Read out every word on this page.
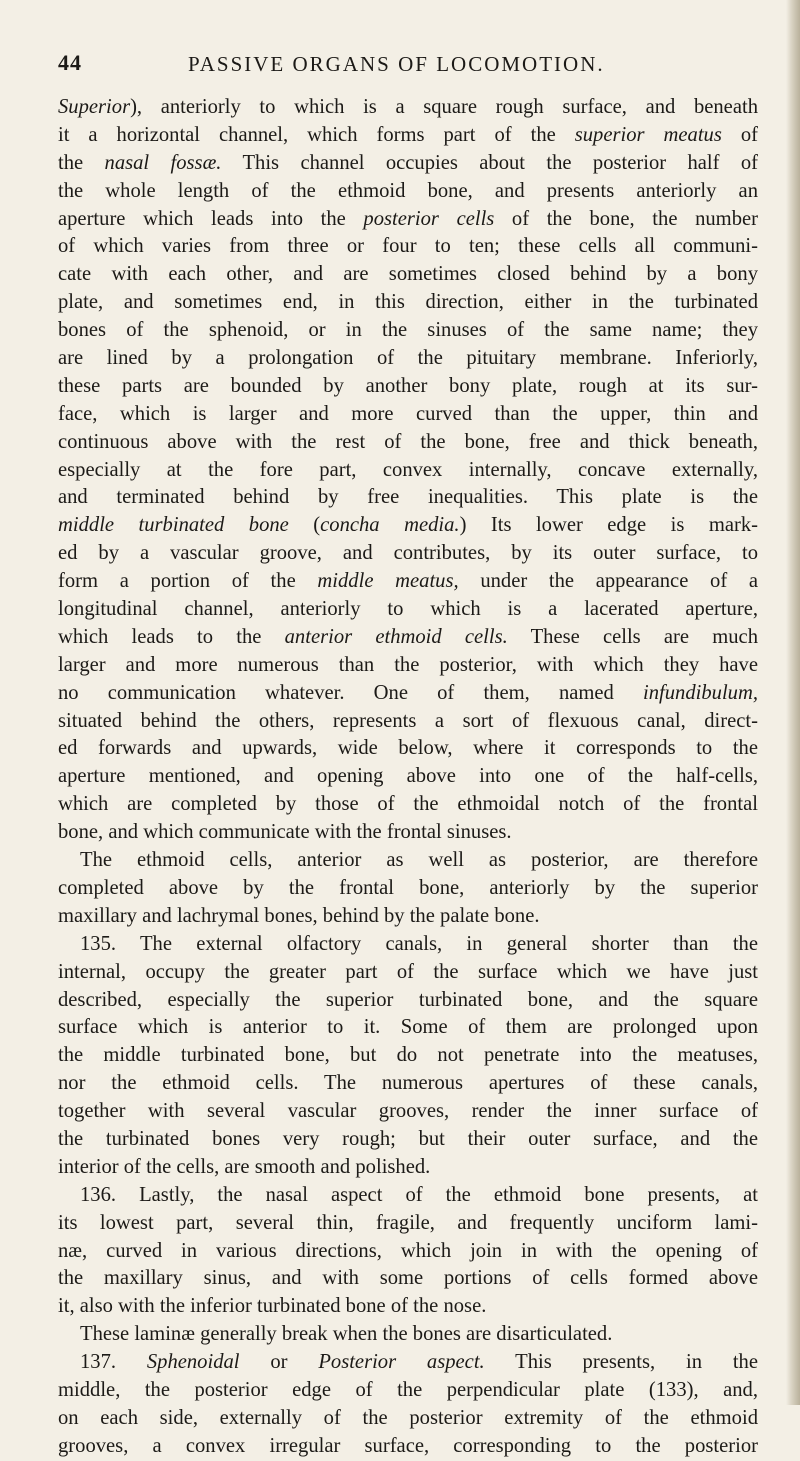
44	PASSIVE ORGANS OF LOCOMOTION.
Superior), anteriorly to which is a square rough surface, and beneath
it a horizontal channel, which forms part of the superior meatus of
the nasal fossæ. This channel occupies about the posterior half of
the whole length of the ethmoid bone, and presents anteriorly an
aperture which leads into the posterior cells of the bone, the number
of which varies from three or four to ten; these cells all communi-
cate with each other, and are sometimes closed behind by a bony
plate, and sometimes end, in this direction, either in the turbinated
bones of the sphenoid, or in the sinuses of the same name; they
are lined by a prolongation of the pituitary membrane. Inferiorly,
these parts are bounded by another bony plate, rough at its sur-
face, which is larger and more curved than the upper, thin and
continuous above with the rest of the bone, free and thick beneath,
especially at the fore part, convex internally, concave externally,
and terminated behind by free inequalities. This plate is the
middle turbinated bone (concha media.) Its lower edge is mark-
ed by a vascular groove, and contributes, by its outer surface, to
form a portion of the middle meatus, under the appearance of a
longitudinal channel, anteriorly to which is a lacerated aperture,
which leads to the anterior ethmoid cells. These cells are much
larger and more numerous than the posterior, with which they have
no communication whatever. One of them, named infundibulum,
situated behind the others, represents a sort of flexuous canal, direct-
ed forwards and upwards, wide below, where it corresponds to the
aperture mentioned, and opening above into one of the half-cells,
which are completed by those of the ethmoidal notch of the frontal
bone, and which communicate with the frontal sinuses.
The ethmoid cells, anterior as well as posterior, are therefore
completed above by the frontal bone, anteriorly by the superior
maxillary and lachrymal bones, behind by the palate bone.
135. The external olfactory canals, in general shorter than the
internal, occupy the greater part of the surface which we have just
described, especially the superior turbinated bone, and the square
surface which is anterior to it. Some of them are prolonged upon
the middle turbinated bone, but do not penetrate into the meatuses,
nor the ethmoid cells. The numerous apertures of these canals,
together with several vascular grooves, render the inner surface of
the turbinated bones very rough; but their outer surface, and the
interior of the cells, are smooth and polished.
136. Lastly, the nasal aspect of the ethmoid bone presents, at
its lowest part, several thin, fragile, and frequently unciform lami-
næ, curved in various directions, which join in with the opening of
the maxillary sinus, and with some portions of cells formed above
it, also with the inferior turbinated bone of the nose.
These laminæ generally break when the bones are disarticulated.
137. Sphenoidal or Posterior aspect. This presents, in the
middle, the posterior edge of the perpendicular plate (133), and,
on each side, externally of the posterior extremity of the ethmoid
grooves, a convex irregular surface, corresponding to the posterior
